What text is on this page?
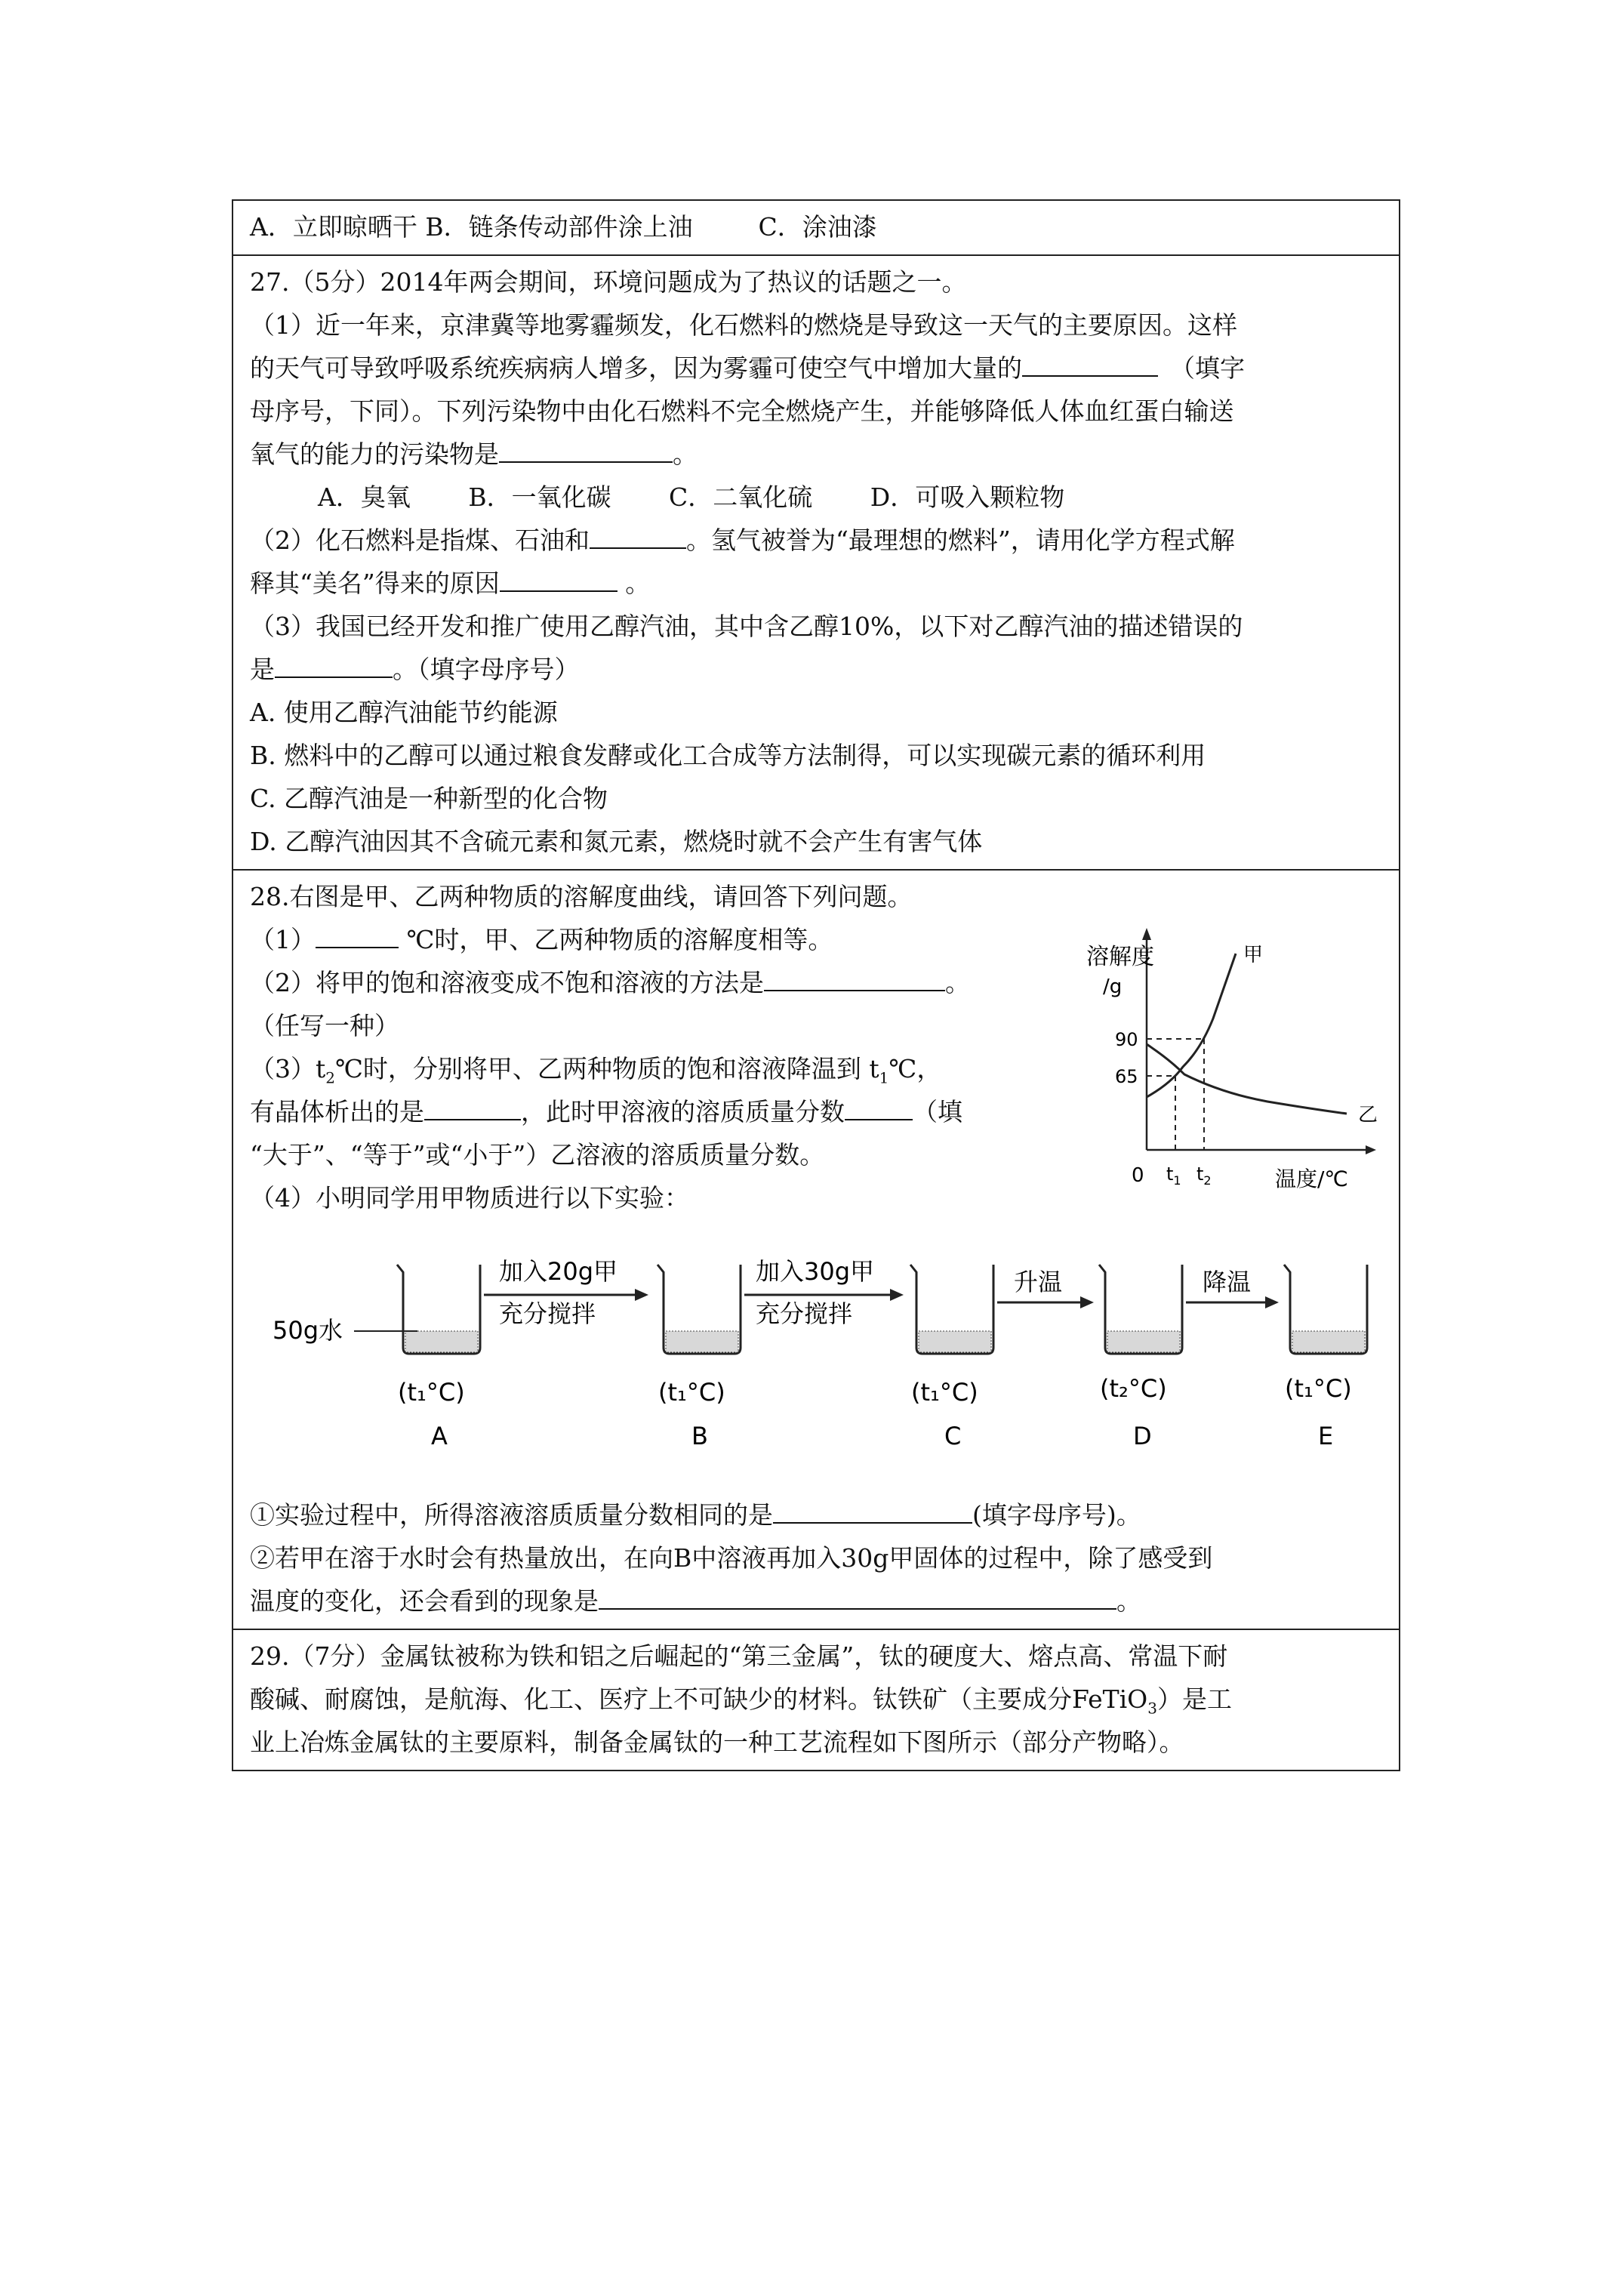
A．立即晾晒干 B．链条传动部件涂上油 　　 C．涂油漆

27.（5分）2014年两会期间，环境问题成为了热议的话题之一。
（1）近一年来，京津冀等地雾霾频发，化石燃料的燃烧是导致这一天气的主要原因。这样
的天气可导致呼吸系统疾病病人增多，因为雾霾可使空气中增加大量的	（填字
母序号，下同）。下列污染物中由化石燃料不完全燃烧产生，并能够降低人体血红蛋白输送
氧气的能力的污染物是	。
A．臭氧 　　B．一氧化碳 　　C．二氧化硫 　　D．可吸入颗粒物
（2）化石燃料是指煤、石油和	。氢气被誉为“最理想的燃料”，请用化学方程式解
释其“美名”得来的原因	。
（3）我国已经开发和推广使用乙醇汽油，其中含乙醇10%，以下对乙醇汽油的描述错误的
是	。（填字母序号）
A. 使用乙醇汽油能节约能源
B. 燃料中的乙醇可以通过粮食发酵或化工合成等方法制得，可以实现碳元素的循环利用
C. 乙醇汽油是一种新型的化合物
D. 乙醇汽油因其不含硫元素和氮元素，燃烧时就不会产生有害气体

28.右图是甲、乙两种物质的溶解度曲线，请回答下列问题。
（1）	℃时，甲、乙两种物质的溶解度相等。
（2）将甲的饱和溶液变成不饱和溶液的方法是	。
（任写一种）
$(3)t_2℃$时，分别将甲、乙两种物质的饱和溶液降温到 $t_1℃$，
有晶体析出的是	，此时甲溶液的溶质质量分数	（填
“大于”、“等于”或“小于”）乙溶液的溶质质量分数。
（4）小明同学用甲物质进行以下实验：
溶解度
/g
温度/℃
0
90
65
甲
乙
$t_1$ $t_2$
50g水
加入20g甲
充分搅拌
加入30g甲
充分搅拌
升温	降温
(t₁°C)	(t₁°C)	(t₁°C)	(t₂°C)	(t₁°C)
A	B	C	D	E
①实验过程中，所得溶液溶质质量分数相同的是	(填字母序号)。
②若甲在溶于水时会有热量放出，在向B中溶液再加入30g甲固体的过程中，除了感受到
温度的变化，还会看到的现象是	。

29.（7分）金属钛被称为铁和铝之后崛起的“第三金属”，钛的硬度大、熔点高、常温下耐
酸碱、耐腐蚀，是航海、化工、医疗上不可缺少的材料。钛铁矿（主要成分FeTiO$_3$）是工
业上冶炼金属钛的主要原料，制备金属钛的一种工艺流程如下图所示（部分产物略）。
